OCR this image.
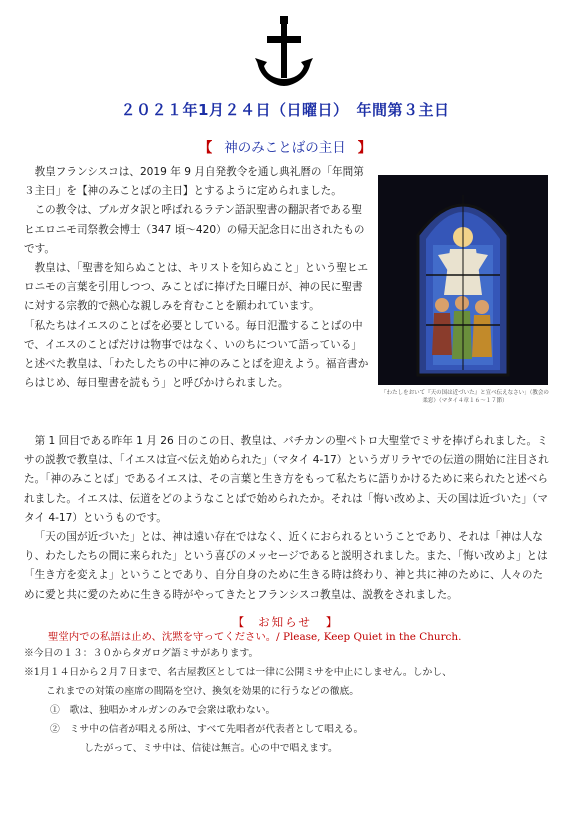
２０２１年1月２４日（日曜日）　年間第３主日
【 神のみことばの主日 】

教皇フランシスコは、2019 年 9 月自発教令を通し典礼暦の「年間第３主日」を【神のみことばの主日】とするように定められました。

この教令は、ブルガタ訳と呼ばれるラテン語訳聖書の翻訳者である聖ヒエロニモ司祭教会博士（347 頃〜420）の帰天記念日に出されたものです。

教皇は、「聖書を知らぬことは、キリストを知らぬこと」という聖ヒエロニモの言葉を引用しつつ、みことばに捧げた日曜日が、神の民に聖書に対する宗教的で熱心な親しみを育むことを願われています。

「私たちはイエスのことばを必要としている。毎日氾濫することばの中で、イエスのことばだけは物事ではなく、いのちについて語っている」と述べた教皇は、「わたしたちの中に神のみことばを迎えよう。福音書からはじめ、毎日聖書を読もう」と呼びかけられました。

「わたしをおいて『天の国は近づいた』と宣べ伝えなさい」（教会の柔窓）（マタイ４章１６〜１７節）

第 1 回目である昨年 1 月 26 日のこの日、教皇は、バチカンの聖ペトロ大聖堂でミサを捧げられました。ミサの説教で教皇は、「イエスは宣べ伝え始められた」（マタイ 4-17）というガリラヤでの伝道の開始に注目された。「神のみことば」であるイエスは、その言葉と生き方をもって私たちに語りかけるために来られたと述べられました。イエスは、伝道をどのようなことばで始められたか。それは「悔い改めよ、天の国は近づいた」（マタイ 4-17）というものです。

「天の国が近づいた」とは、神は遠い存在ではなく、近くにおられるということであり、それは「神は人なり、わたしたちの間に来られた」という喜びのメッセージであると説明されました。また、「悔い改めよ」とは「生き方を変えよ」ということであり、自分自身のために生きる時は終わり、神と共に神のために、人々のために愛と共に愛のために生きる時がやってきたとフランシスコ教皇は、説教をされました。

【 お知らせ 】
聖堂内での私語は止め、沈黙を守ってください。/ Please, Keep Quiet in the Church.
※今日の１３：３０からタガログ語ミサがあります。
※1月１４日から２月７日まで、名古屋教区としては一律に公開ミサを中止にしません。しかし、
これまでの対策の座席の間隔を空け、換気を効果的に行うなどの徹底。
①　歌は、独唱かオルガンのみで会衆は歌わない。
②　ミサ中の信者が唱える所は、すべて先唱者が代表者として唱える。
したがって、ミサ中は、信徒は無言。心の中で唱えます。
